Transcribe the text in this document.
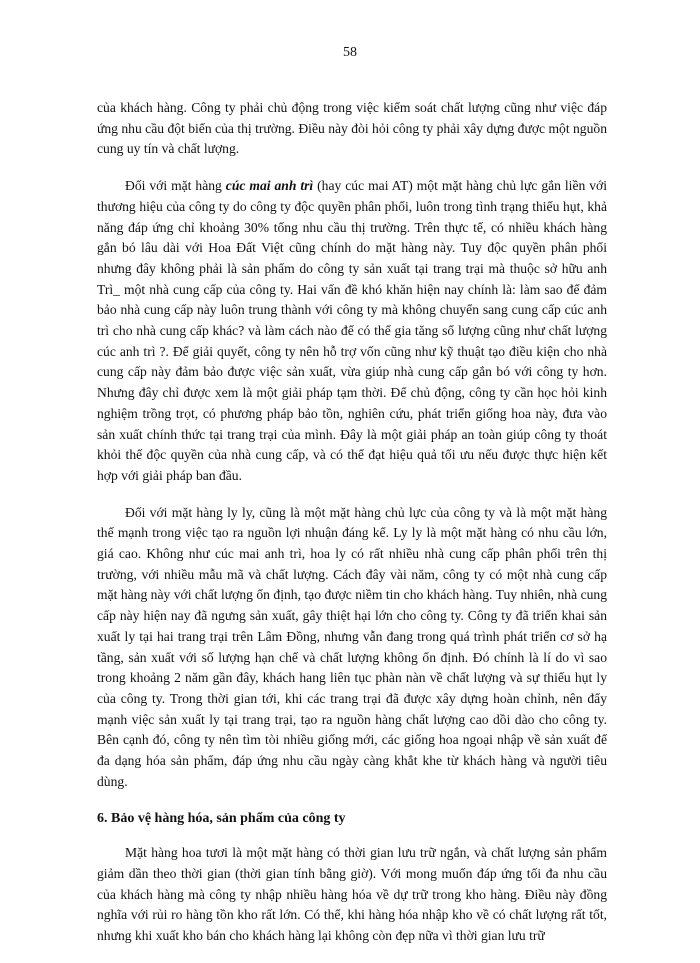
58

của khách hàng. Công ty phải chủ động trong việc kiểm soát chất lượng cũng như việc đáp ứng nhu cầu đột biến của thị trường. Điều này đòi hỏi công ty phải xây dựng được một nguồn cung uy tín và chất lượng.

Đối với mặt hàng cúc mai anh trì (hay cúc mai AT) một mặt hàng chủ lực gắn liền với thương hiệu của công ty do công ty độc quyền phân phối, luôn trong tình trạng thiếu hụt, khả năng đáp ứng chỉ khoảng 30% tổng nhu cầu thị trường. Trên thực tế, có nhiều khách hàng gắn bó lâu dài với Hoa Đất Việt cũng chính do mặt hàng này. Tuy độc quyền phân phối nhưng đây không phải là sản phẩm do công ty sản xuất tại trang trại mà thuộc sở hữu anh Trì_ một nhà cung cấp của công ty. Hai vấn đề khó khăn hiện nay chính là: làm sao để đảm bảo nhà cung cấp này luôn trung thành với công ty mà không chuyển sang cung cấp cúc anh trì cho nhà cung cấp khác? và làm cách nào để có thể gia tăng số lượng cũng như chất lượng cúc anh trì ?. Để giải quyết, công ty nên hỗ trợ vốn cũng như kỹ thuật tạo điều kiện cho nhà cung cấp này đảm bảo được việc sản xuất, vừa giúp nhà cung cấp gắn bó với công ty hơn. Nhưng đây chỉ được xem là một giải pháp tạm thời. Để chủ động, công ty cần học hỏi kinh nghiệm trồng trọt, có phương pháp bảo tồn, nghiên cứu, phát triển giống hoa này, đưa vào sản xuất chính thức tại trang trại của mình. Đây là một giải pháp an toàn giúp công ty thoát khỏi thế độc quyền của nhà cung cấp, và có thể đạt hiệu quả tối ưu nếu được thực hiện kết hợp với giải pháp ban đầu.

Đối với mặt hàng ly ly, cũng là một mặt hàng chủ lực của công ty và là một mặt hàng thế mạnh trong việc tạo ra nguồn lợi nhuận đáng kể. Ly ly là một mặt hàng có nhu cầu lớn, giá cao. Không như cúc mai anh trì, hoa ly có rất nhiều nhà cung cấp phân phối trên thị trường, với nhiều mẫu mã và chất lượng. Cách đây vài năm, công ty có một nhà cung cấp mặt hàng này với chất lượng ổn định, tạo được niềm tin cho khách hàng. Tuy nhiên, nhà cung cấp này hiện nay đã ngưng sản xuất, gây thiệt hại lớn cho công ty. Công ty đã triển khai sản xuất ly tại hai trang trại trên Lâm Đồng, nhưng vẫn đang trong quá trình phát triển cơ sở hạ tầng, sản xuất với số lượng hạn chế và chất lượng không ổn định. Đó chính là lí do vì sao trong khoảng 2 năm gần đây, khách hang liên tục phàn nàn về chất lượng và sự thiếu hụt ly của công ty. Trong thời gian tới, khi các trang trại đã được xây dựng hoàn chỉnh, nên đẩy mạnh việc sản xuất ly tại trang trại, tạo ra nguồn hàng chất lượng cao dồi dào cho công ty. Bên cạnh đó, công ty nên tìm tòi nhiều giống mới, các giống hoa ngoại nhập về sản xuất để đa dạng hóa sản phẩm, đáp ứng nhu cầu ngày càng khắt khe từ khách hàng và người tiêu dùng.

6. Bảo vệ hàng hóa, sản phẩm của công ty

Mặt hàng hoa tươi là một mặt hàng có thời gian lưu trữ ngắn, và chất lượng sản phẩm giảm dần theo thời gian (thời gian tính bằng giờ). Với mong muốn đáp ứng tối đa nhu cầu của khách hàng mà công ty nhập nhiều hàng hóa về dự trữ trong kho hàng. Điều này đồng nghĩa với rủi ro hàng tồn kho rất lớn. Có thể, khi hàng hóa nhập kho về có chất lượng rất tốt, nhưng khi xuất kho bán cho khách hàng lại không còn đẹp nữa vì thời gian lưu trữ
